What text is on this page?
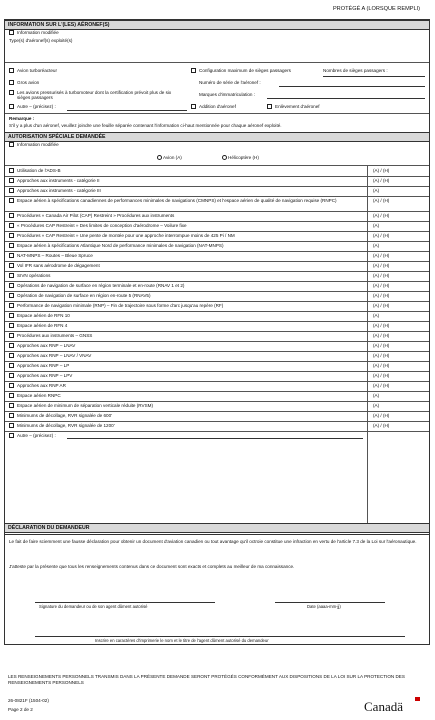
PROTÉGÉ A (LORSQUE REMPLI)
INFORMATION SUR L'(LES) AÉRONEF(S)
Information modifiée
Type(s) d'aéronef(s) exploité(s)
Avion turboréacteur
Gros avion
Les avions pressurisés à turbomoteur dont la certification prévoit plus de six sièges passagers
Autre – (précisez) :
Configuration maximum de sièges passagers	Nombres de sièges passagers :
Numéro de série de l'aéronef :
Marques d'immatriculation :
Addition d'aéronef	Enlèvement d'aéronef
Remarque :
S'il y a plus d'un aéronef, veuillez joindre une feuille séparée contenant l'information ci-haut mentionnée pour chaque aéronef exploité.
AUTORISATION SPÉCIALE DEMANDÉE
Information modifiée
Avion (A)	Hélicoptère (H)
Utilisation de l'ADS-B	(A) / (H)
Approches aux instruments - catégorie II	(A) / (H)
Approches aux instruments - catégorie III	(A)
Espace aérien à spécifications canadiennes de performances minimales de navigations (CMNPS) et l'espace aérien de qualité de navigation requise (RNPC)	(A) / (H)
Procédures « Canada Air Pilot (CAP) Restreint » Procédures aux instruments	(A) / (H)
« Procédures CAP Restreint » Des limites de conception d'aérodrome – Voilure fixe	(A)
Procédures « CAP Restreint » Une pente de montée pour une approche interrompue moins de 425 Pi / NM	(A) / (H)
Espace aérien à spécifications Atlantique Nord de performance minimales de navigation (NAT-MNPS)	(A)
NAT-MNPS – Routes – Bleue Spruce	(A) / (H)
Vol IFR sans aérodrome de dégagement	(A) / (H)
SIVN opérations	(A) / (H)
Opérations de navigation de surface en région terminale et en-route (RNAV 1 et 2)	(A) / (H)
Opération de navigation de surface en région en-route 5 (RNAV5)	(A) / (H)
Performance de navigation minimale (RNP) – Fin de trajectoire sous forme d'arc jusqu'au repère (RF)	(A) / (H)
Espace aérien de RFN 10	(A)
Espace aérien de RFN 4	(A) / (H)
Procédures aux instruments – GNSS	(A) / (H)
Approches aux RNP – LNAV	(A) / (H)
Approches aux RNP – LNAV / VNAV	(A) / (H)
Approches aux RNP – LP	(A) / (H)
Approches aux RNP – LPV	(A) / (H)
Approches aux RNP AR	(A) / (H)
Espace aérien RNPC	(A)
Espace aérien de minimum de séparation verticale réduite (RVSM)	(A)
Minimums de décollage, RVR signalée de 600'	(A) / (H)
Minimums de décollage, RVR signalée de 1200'	(A) / (H)
Autre – (précisez) :
DÉCLARATION DU DEMANDEUR
Le fait de faire sciemment une fausse déclaration pour obtenir un document d'aviation canadien ou tout avantage qu'il octroie constitue une infraction en vertu de l'article 7.3 de la Loi sur l'aéronautique.
J'atteste par la présente que tous les renseignements contenus dans ce document sont exacts et complets au meilleur de ma connaissance.
Signature du demandeur ou de son agent dûment autorisé	Date (aaaa-mm-jj)
Inscrire en caractères d'imprimerie le nom et le titre de l'agent dûment autorisé du demandeur
LES RENSEIGNEMENTS PERSONNELS TRANSMIS DANS LA PRÉSENTE DEMANDE SERONT PROTÉGÉS CONFORMÉMENT AUX DISPOSITIONS DE LA LOI SUR LA PROTECTION DES RENSEIGNEMENTS PERSONNELS
26-0821F (1504-02)
Page 2 de 2	Canadä
